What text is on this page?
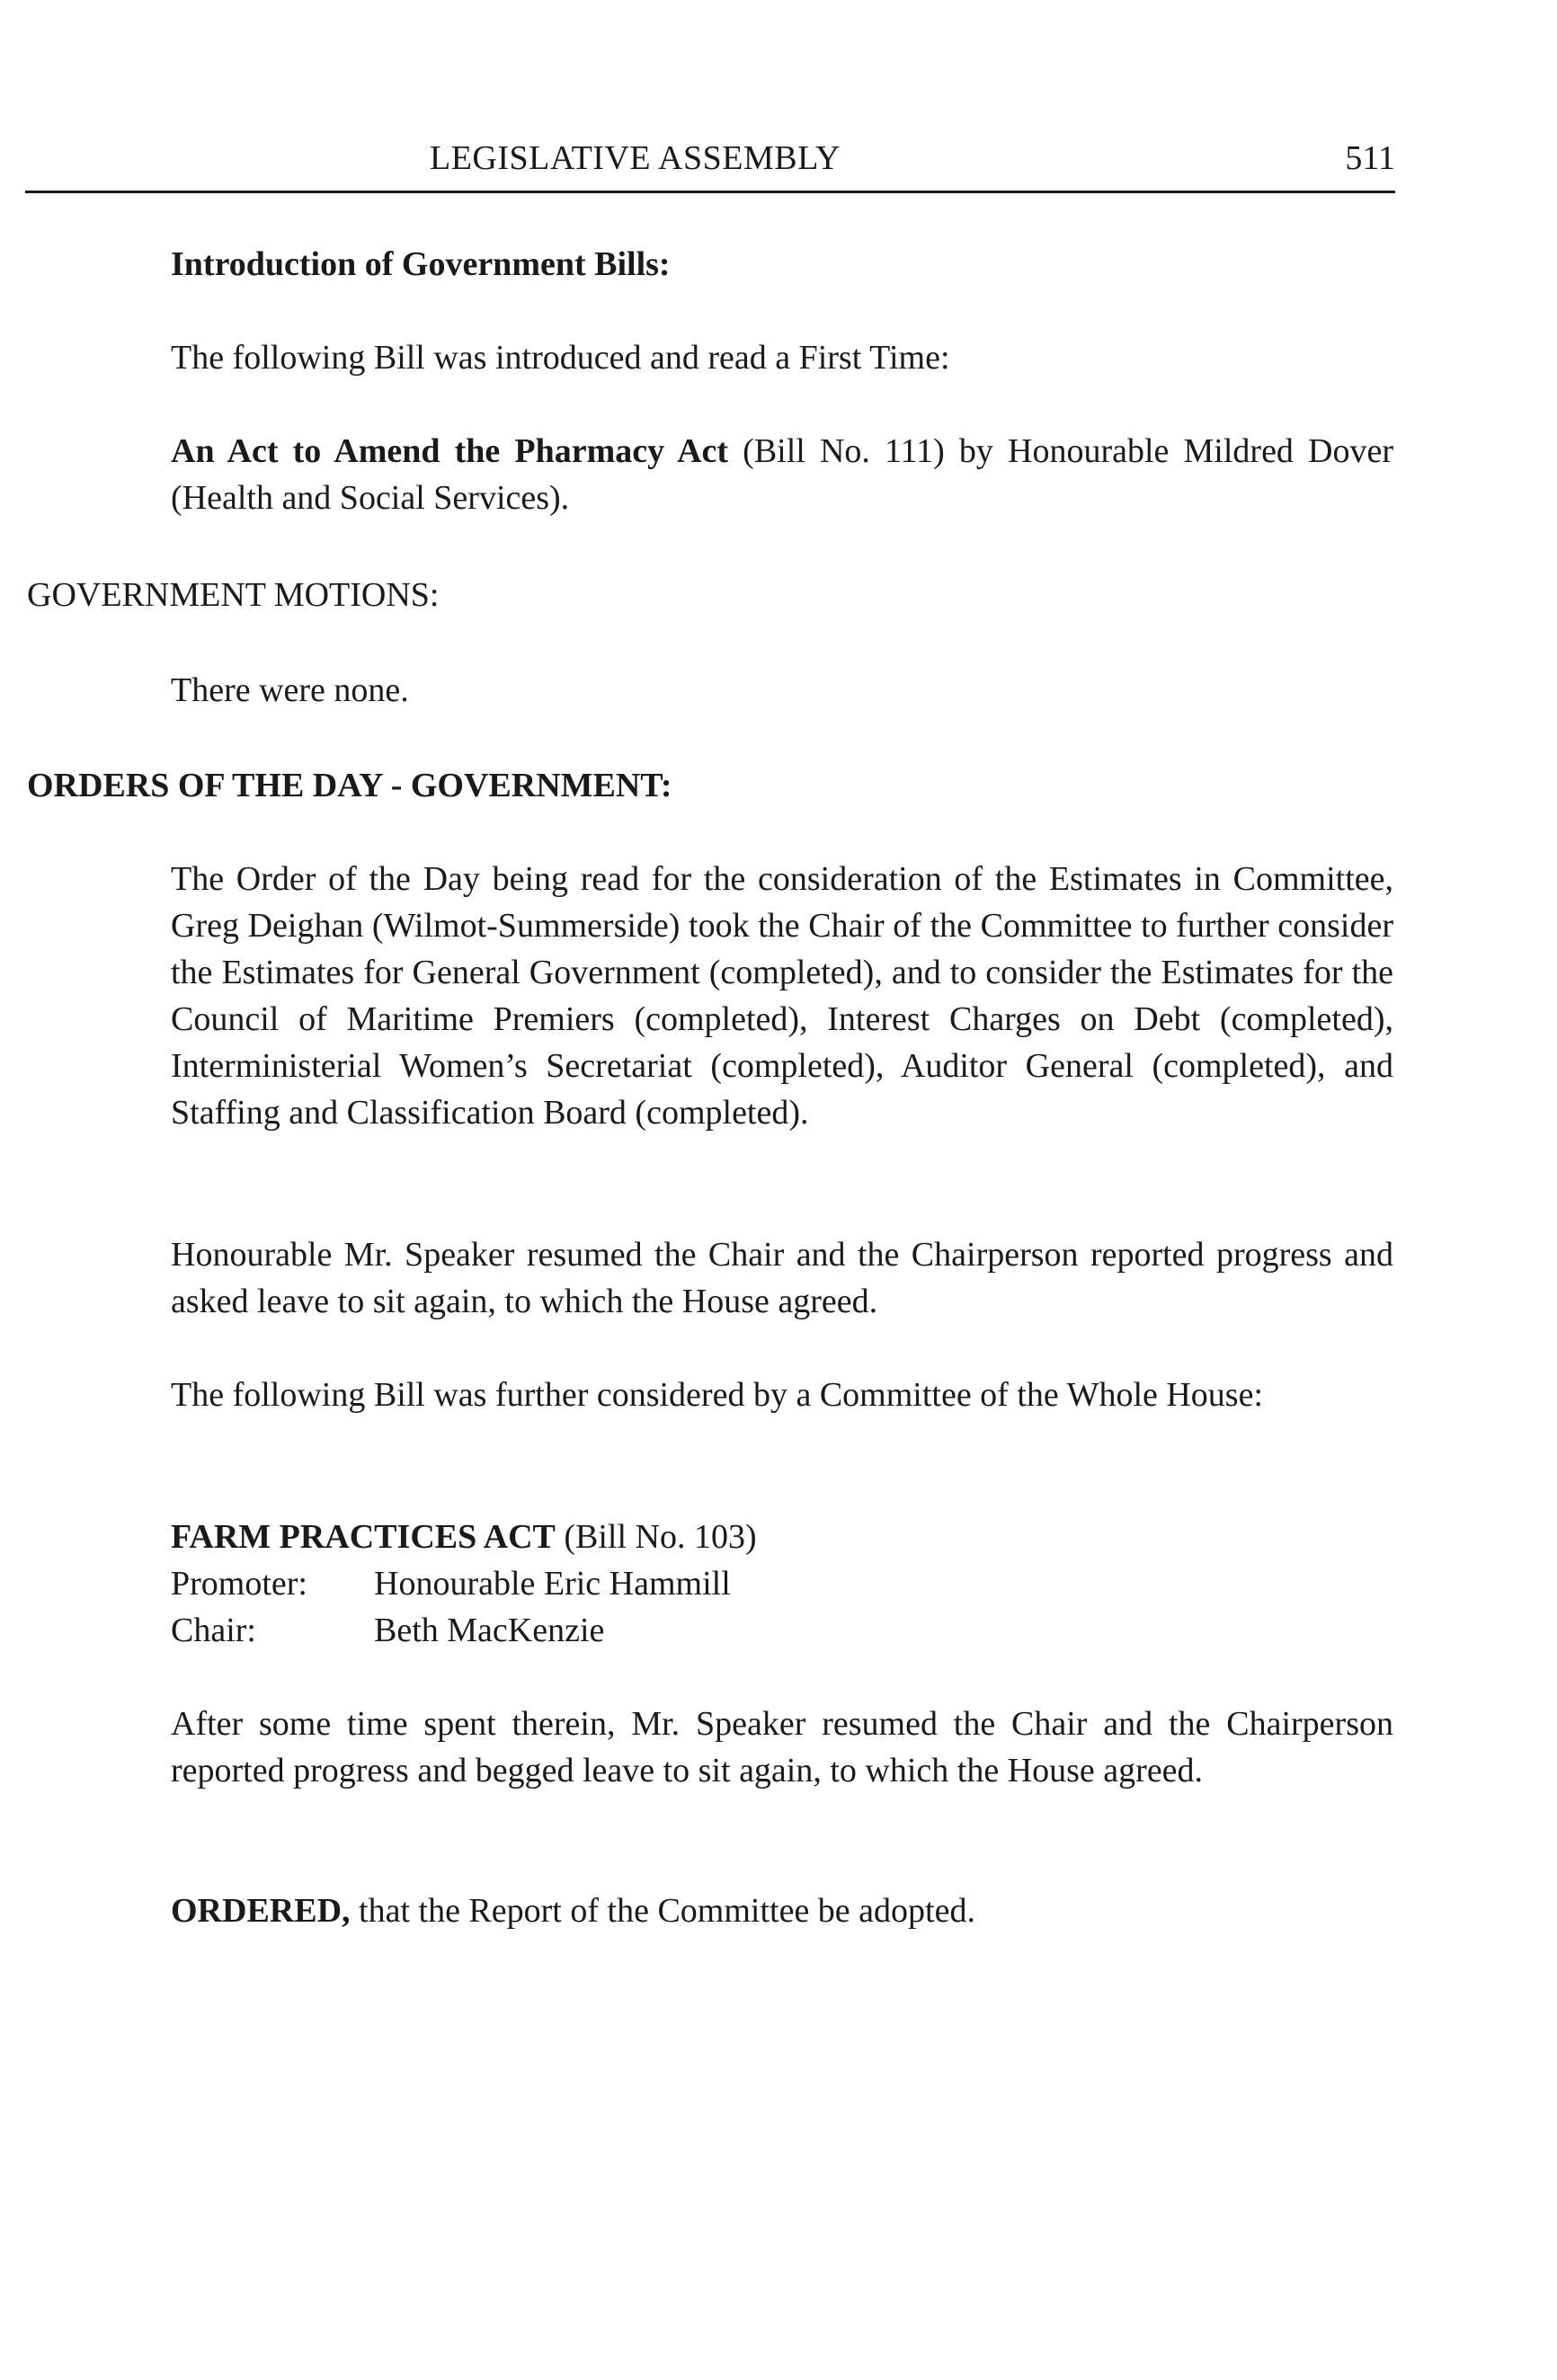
LEGISLATIVE ASSEMBLY	511
Introduction of Government Bills:
The following Bill was introduced and read a First Time:
An Act to Amend the Pharmacy Act (Bill No. 111) by Honourable Mildred Dover (Health and Social Services).
GOVERNMENT MOTIONS:
There were none.
ORDERS OF THE DAY - GOVERNMENT:
The Order of the Day being read for the consideration of the Estimates in Committee, Greg Deighan (Wilmot-Summerside) took the Chair of the Committee to further consider the Estimates for General Government (completed), and to consider the Estimates for the Council of Maritime Premiers (completed), Interest Charges on Debt (completed), Interministerial Women’s Secretariat (completed), Auditor General (completed), and Staffing and Classification Board (completed).
Honourable Mr. Speaker resumed the Chair and the Chairperson reported progress and asked leave to sit again, to which the House agreed.
The following Bill was further considered by a Committee of the Whole House:
FARM PRACTICES ACT (Bill No. 103)
Promoter:	Honourable Eric Hammill
Chair:	Beth MacKenzie
After some time spent therein, Mr. Speaker resumed the Chair and the Chairperson reported progress and begged leave to sit again, to which the House agreed.
ORDERED, that the Report of the Committee be adopted.
